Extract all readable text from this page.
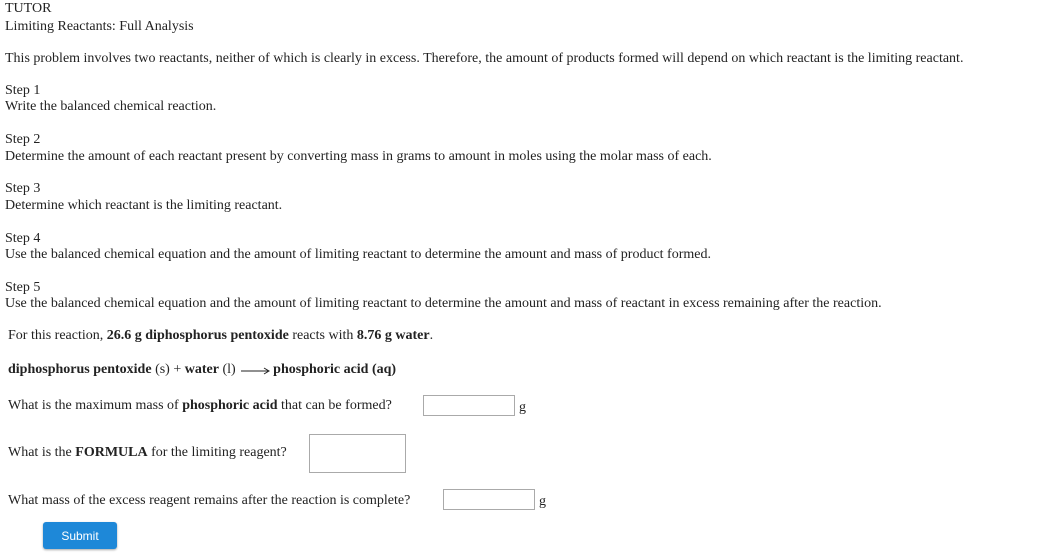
TUTOR
Limiting Reactants: Full Analysis
This problem involves two reactants, neither of which is clearly in excess. Therefore, the amount of products formed will depend on which reactant is the limiting reactant.
Step 1
Write the balanced chemical reaction.
Step 2
Determine the amount of each reactant present by converting mass in grams to amount in moles using the molar mass of each.
Step 3
Determine which reactant is the limiting reactant.
Step 4
Use the balanced chemical equation and the amount of limiting reactant to determine the amount and mass of product formed.
Step 5
Use the balanced chemical equation and the amount of limiting reactant to determine the amount and mass of reactant in excess remaining after the reaction.
For this reaction, 26.6 g diphosphorus pentoxide reacts with 8.76 g water.
diphosphorus pentoxide (s) + water (l) → phosphoric acid (aq)
What is the maximum mass of phosphoric acid that can be formed?	g
What is the FORMULA for the limiting reagent?
What mass of the excess reagent remains after the reaction is complete?	g
Submit
